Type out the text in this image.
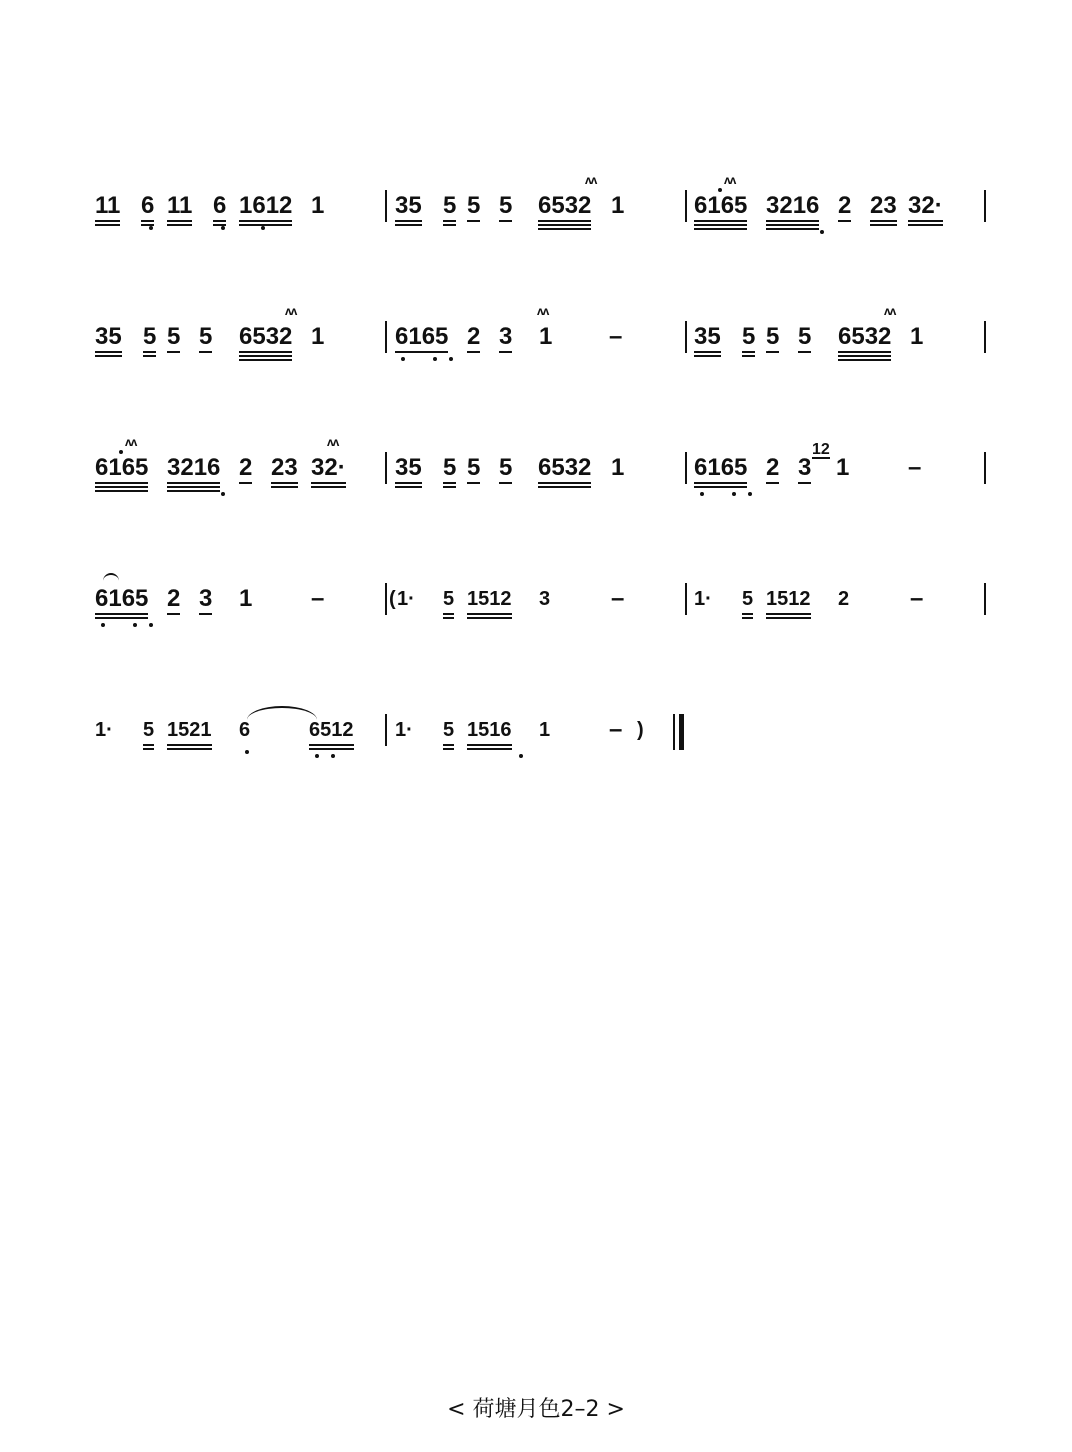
11 6 11 6 1612 1	35 5 5 5
ʌʌ
6532 1
ʌʌ
6165 3216 2 23 32·
35 5 5 5
ʌʌ
6532 1	6165 2 3
ʌʌ
1 –	35 5 5 5
ʌʌ
6532 1
ʌʌ
6165 3216 2 23
ʌʌ
32· 35 5 5 5 6532 1	6165 2 3
12
1 –
6165 2 3 1 –	( 1· 5 1512 3	–	1· 5 1512 2	–
1· 5 1521 6	6512 1· 5 1516 1 – )
< 荷塘月色2–2 >
